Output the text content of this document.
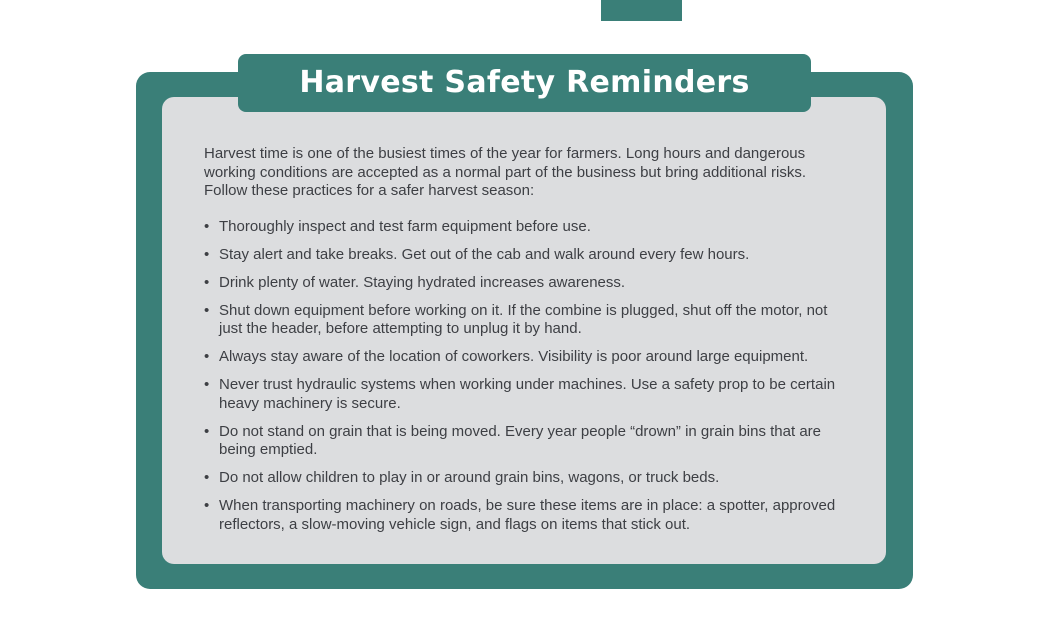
Harvest Safety Reminders

Harvest time is one of the busiest times of the year for farmers. Long hours and dangerous working conditions are accepted as a normal part of the business but bring additional risks. Follow these practices for a safer harvest season:

• Thoroughly inspect and test farm equipment before use.
• Stay alert and take breaks. Get out of the cab and walk around every few hours.
• Drink plenty of water. Staying hydrated increases awareness.
• Shut down equipment before working on it. If the combine is plugged, shut off the motor, not just the header, before attempting to unplug it by hand.
• Always stay aware of the location of coworkers. Visibility is poor around large equipment.
• Never trust hydraulic systems when working under machines. Use a safety prop to be certain heavy machinery is secure.
• Do not stand on grain that is being moved. Every year people “drown” in grain bins that are being emptied.
• Do not allow children to play in or around grain bins, wagons, or truck beds.
• When transporting machinery on roads, be sure these items are in place: a spotter, approved reflectors, a slow-moving vehicle sign, and flags on items that stick out.
